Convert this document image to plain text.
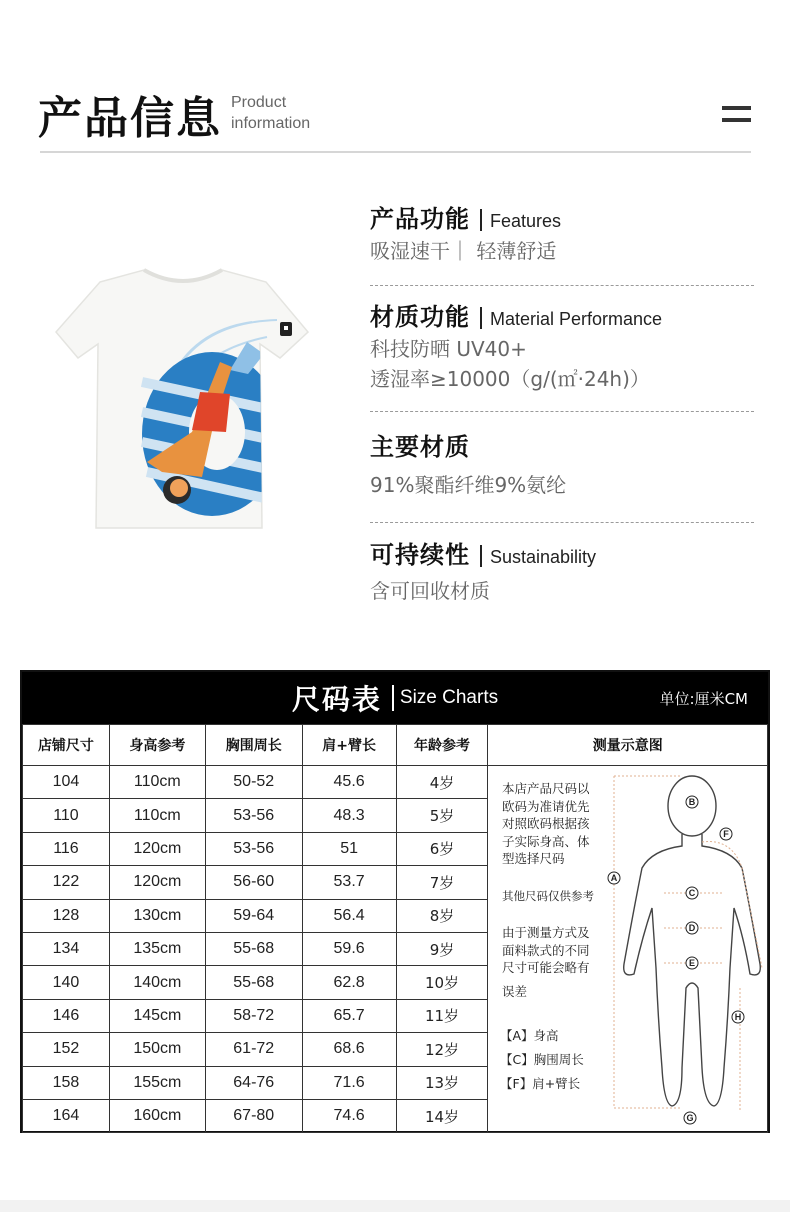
产品信息 Product
information
产品功能 Features
吸湿速干｜ 轻薄舒适
材质功能 Material Performance
科技防晒 UV40+
透湿率≥10000（g/(㎡·24h)）
主要材质
91%聚酯纤维9%氨纶
可持续性 Sustainability
含可回收材质
尺码表 Size Charts	单位:厘米CM
店铺尺寸	身高参考	胸围周长	肩+臂长	年龄参考	测量示意图
104	110cm	50-52	45.6	4岁	
110	110cm	53-56	48.3	5岁	
116	120cm	53-56	51	6岁	
122	120cm	56-60	53.7	7岁	
128	130cm	59-64	56.4	8岁	
134	135cm	55-68	59.6	9岁	
140	140cm	55-68	62.8	10岁	
146	145cm	58-72	65.7	11岁	
152	150cm	61-72	68.6	12岁	
158	155cm	64-76	71.6	13岁	
164	160cm	67-80	74.6	14岁	
本店产品尺码以
欧码为准请优先
对照欧码根据孩
子实际身高、体
型选择尺码
其他尺码仅供参考
由于测量方式及
面料款式的不同
尺寸可能会略有
误差
【A】身高
【C】胸围周长
【F】肩+臂长
A
B
C
D
E
F
G
H
